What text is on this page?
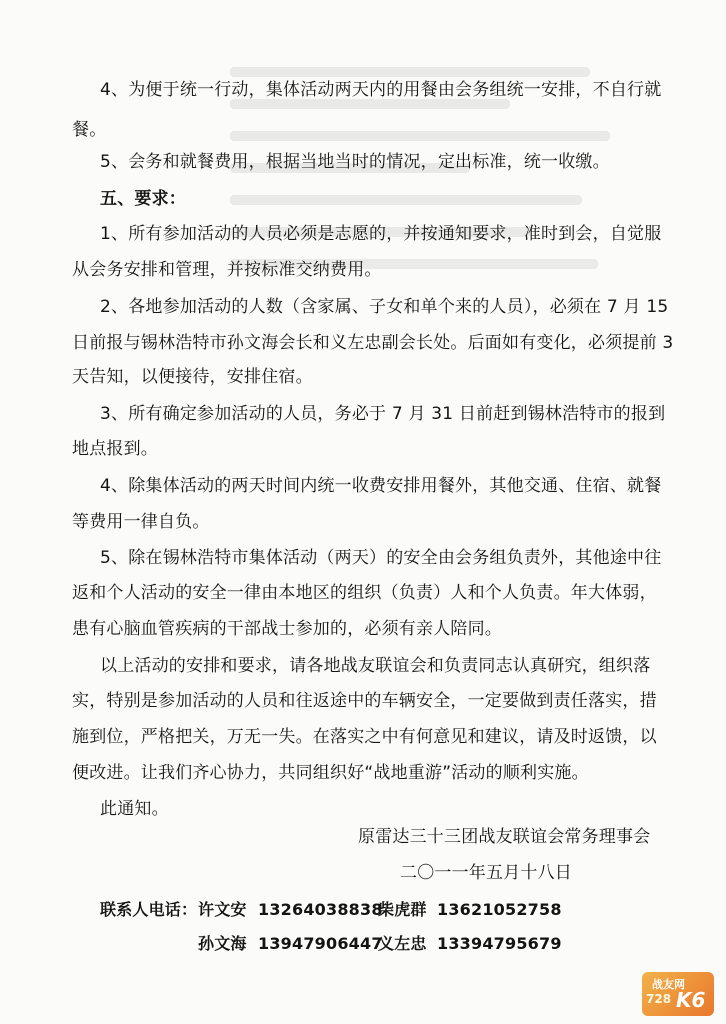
4、为便于统一行动，集体活动两天内的用餐由会务组统一安排，不自行就
餐。
5、会务和就餐费用，根据当地当时的情况，定出标准，统一收缴。
五、要求：
1、所有参加活动的人员必须是志愿的，并按通知要求，准时到会，自觉服
从会务安排和管理，并按标准交纳费用。
2、各地参加活动的人数（含家属、子女和单个来的人员），必须在 7 月 15
日前报与锡林浩特市孙文海会长和义左忠副会长处。后面如有变化，必须提前 3
天告知，以便接待，安排住宿。
3、所有确定参加活动的人员，务必于 7 月 31 日前赶到锡林浩特市的报到
地点报到。
4、除集体活动的两天时间内统一收费安排用餐外，其他交通、住宿、就餐
等费用一律自负。
5、除在锡林浩特市集体活动（两天）的安全由会务组负责外，其他途中往
返和个人活动的安全一律由本地区的组织（负责）人和个人负责。年大体弱，
患有心脑血管疾病的干部战士参加的，必须有亲人陪同。
以上活动的安排和要求，请各地战友联谊会和负责同志认真研究，组织落
实，特别是参加活动的人员和往返途中的车辆安全，一定要做到责任落实，措
施到位，严格把关，万无一失。在落实之中有何意见和建议，请及时返馈，以
便改进。让我们齐心协力，共同组织好“战地重游”活动的顺利实施。
此通知。
原雷达三十三团战友联谊会常务理事会
二〇一一年五月十八日
联系人电话： 许文安 13264038838
柴虎群 13621052758
孙文海 13947906447
义左忠 13394795679
战友网
728 K6
